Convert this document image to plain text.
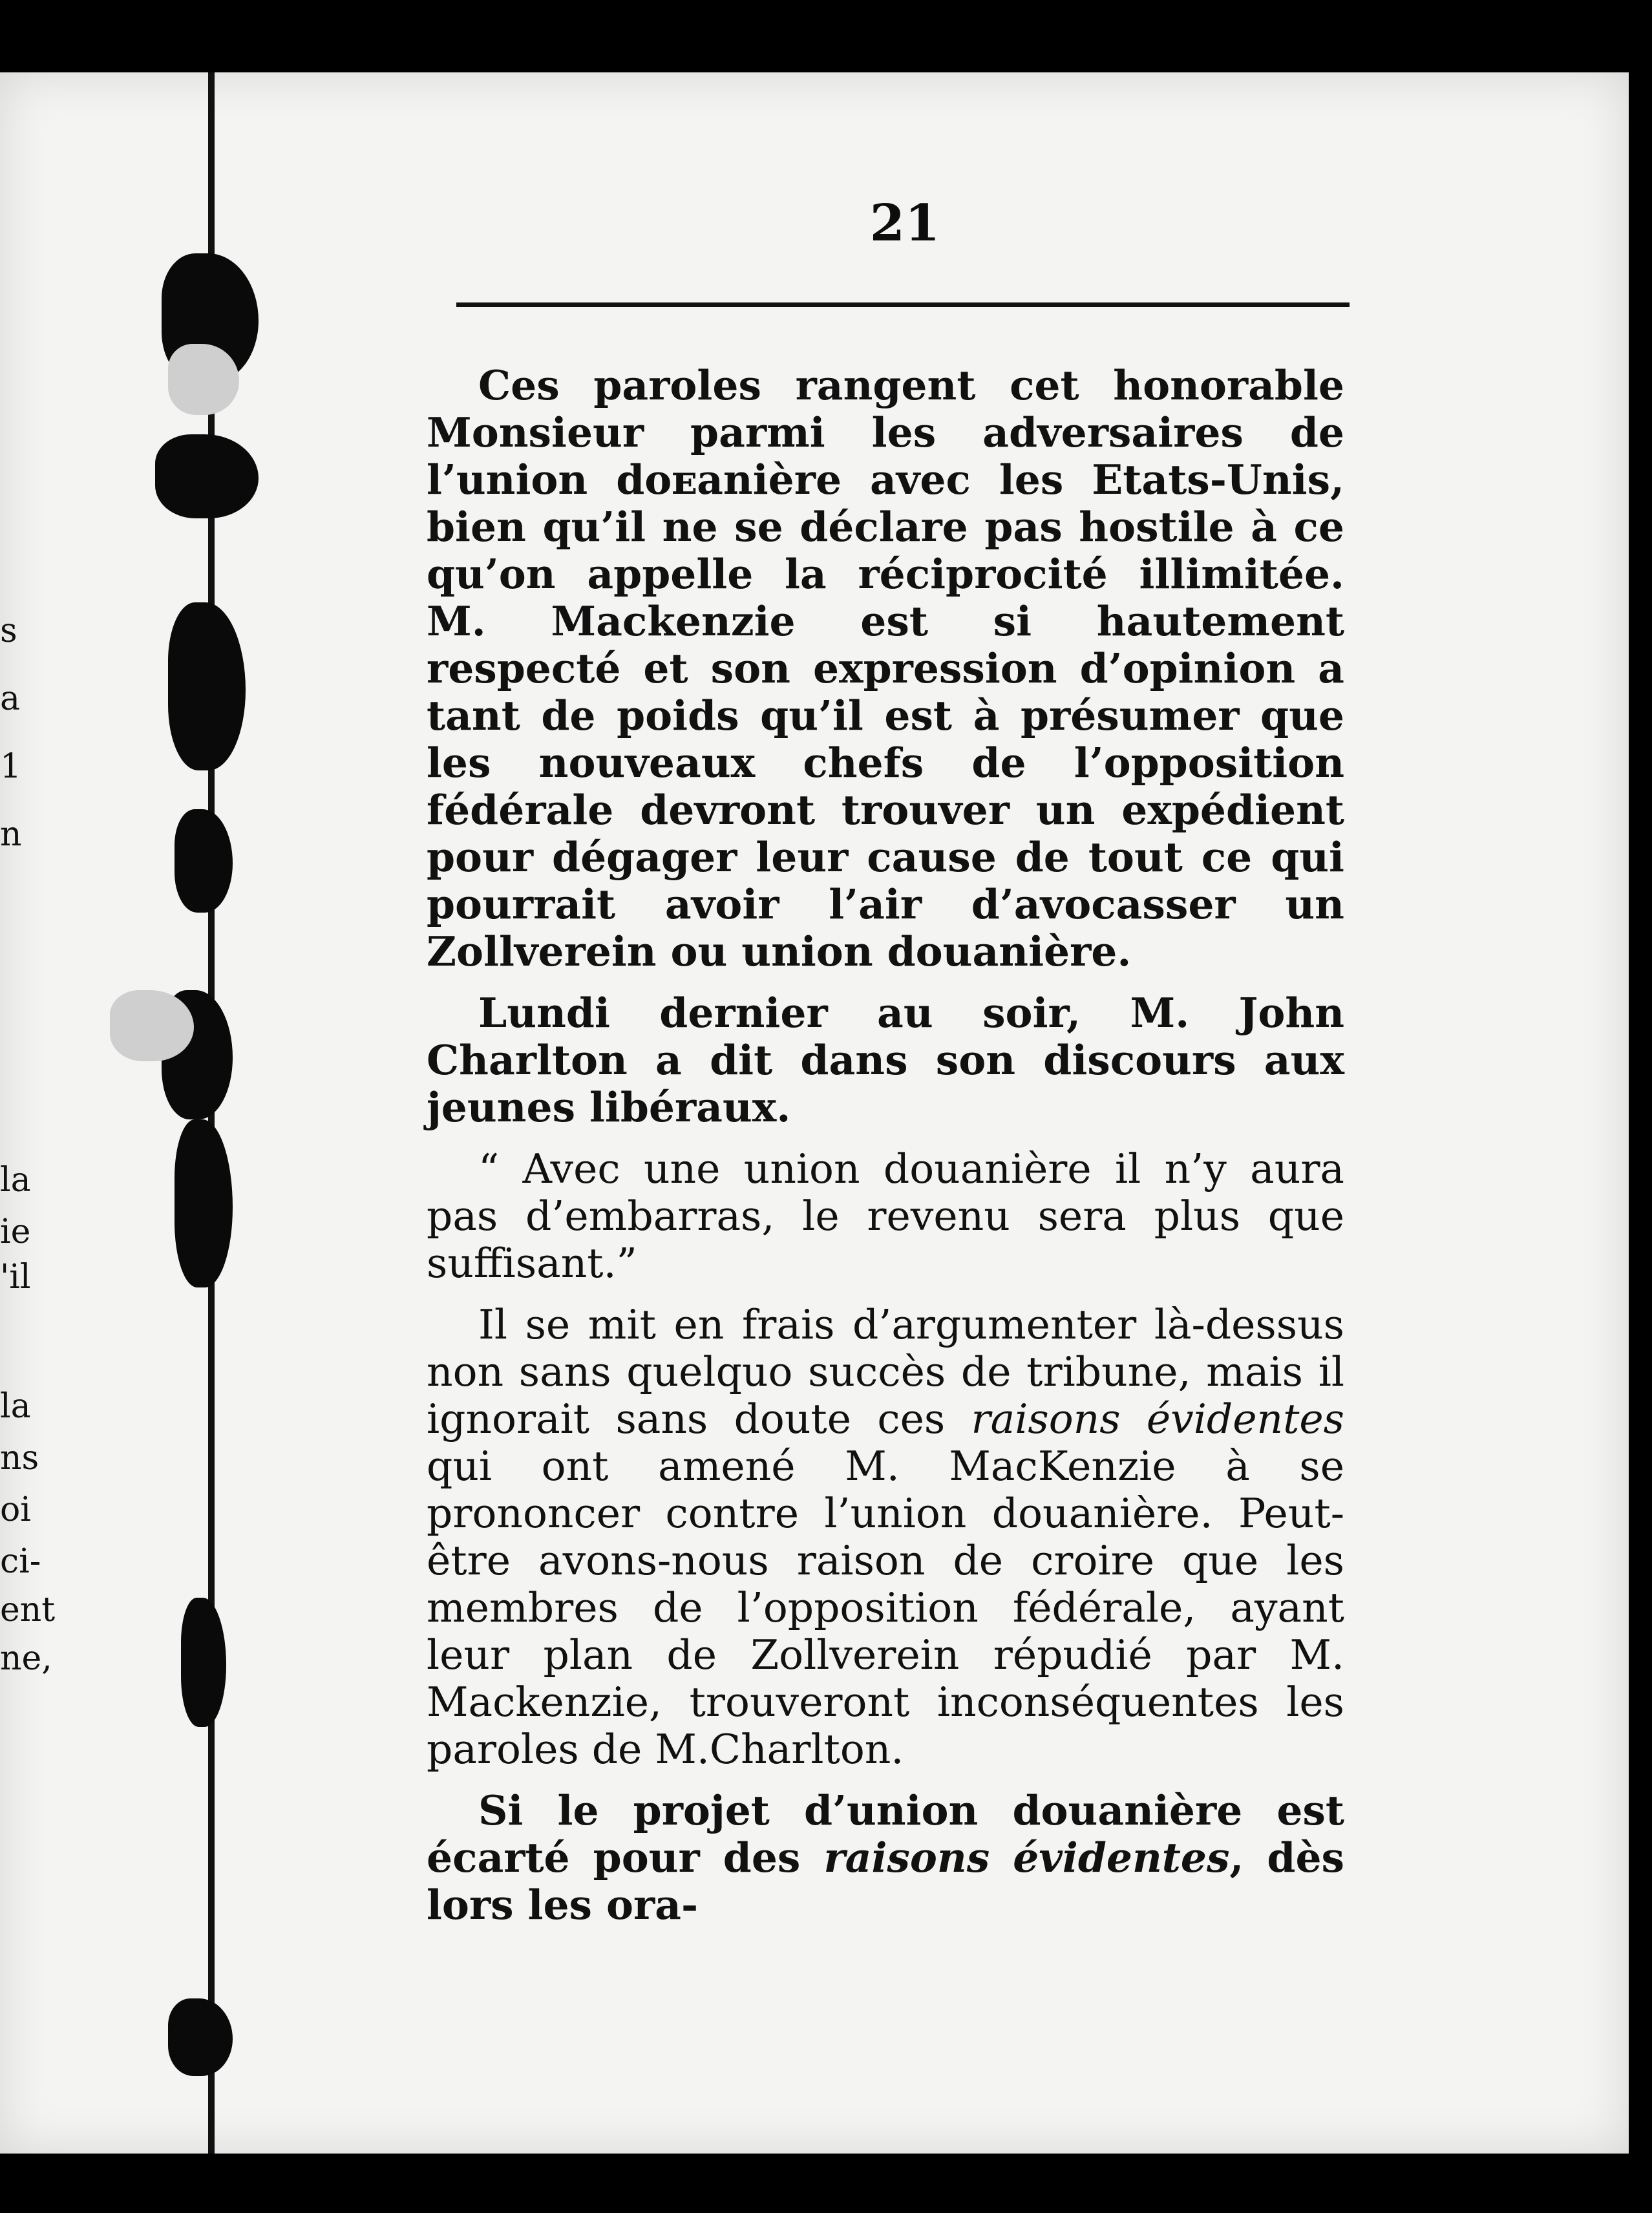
s
a
1
n
la
ie
'il
la
ns
oi
ci-
ent
ne,
21

Ces paroles rangent cet honorable Monsieur parmi les adversaires de l’union doᴇanière avec les Etats-Unis, bien qu’il ne se déclare pas hostile à ce qu’on appelle la réciprocité illimitée. M. Mackenzie est si hautement respecté et son expression d’opinion a tant de poids qu’il est à présumer que les nouveaux chefs de l’opposition fédérale devront trouver un expédient pour dégager leur cause de tout ce qui pourrait avoir l’air d’avocasser un Zollverein ou union douanière.

Lundi dernier au soir, M. John Charlton a dit dans son discours aux jeunes libéraux.

“ Avec une union douanière il n’y aura pas d’embarras, le revenu sera plus que suffisant.”

Il se mit en frais d’argumenter là-dessus non sans quelquo succès de tribune, mais il ignorait sans doute ces raisons évidentes qui ont amené M. MacKenzie à se prononcer contre l’union douanière. Peut-être avons-nous raison de croire que les membres de l’opposition fédérale, ayant leur plan de Zollverein répudié par M. Mackenzie, trouveront inconséquentes les paroles de M.Charlton.

Si le projet d’union douanière est écarté pour des raisons évidentes, dès lors les ora-
